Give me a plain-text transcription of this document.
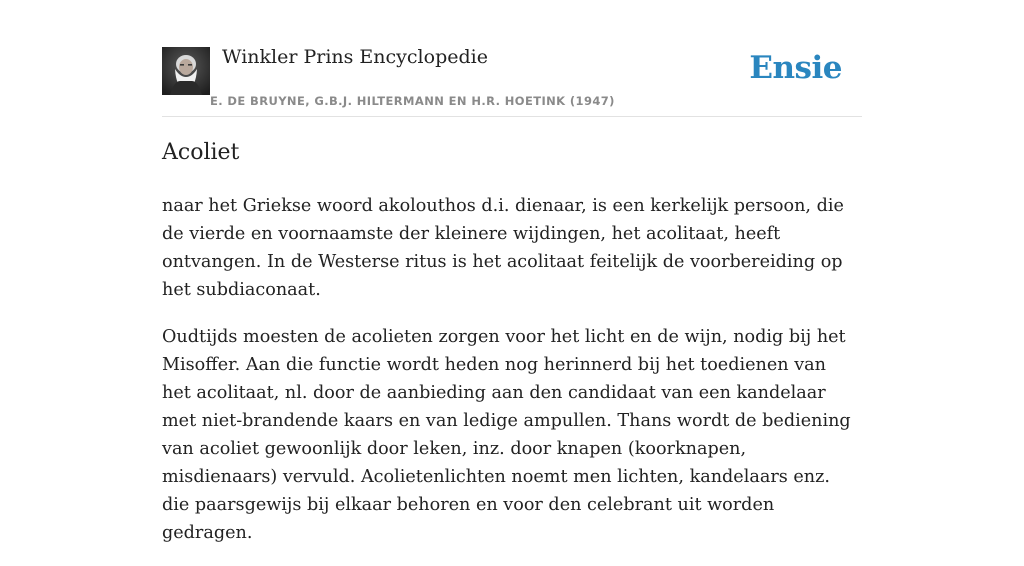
Winkler Prins Encyclopedie
E. DE BRUYNE, G.B.J. HILTERMANN EN H.R. HOETINK (1947)
Ensie
Acoliet

naar het Griekse woord akolouthos d.i. dienaar, is een kerkelijk persoon, die de vierde en voornaamste der kleinere wijdingen, het acolitaat, heeft ontvangen. In de Westerse ritus is het acolitaat feitelijk de voorbereiding op het subdiaconaat.

Oudtijds moesten de acolieten zorgen voor het licht en de wijn, nodig bij het Misoffer. Aan die functie wordt heden nog herinnerd bij het toedienen van het acolitaat, nl. door de aanbieding aan den candidaat van een kandelaar met niet-brandende kaars en van ledige ampullen. Thans wordt de bediening van acoliet gewoonlijk door leken, inz. door knapen (koorknapen, misdienaars) vervuld. Acolietenlichten noemt men lichten, kandelaars enz. die paarsgewijs bij elkaar behoren en voor den celebrant uit worden gedragen.
